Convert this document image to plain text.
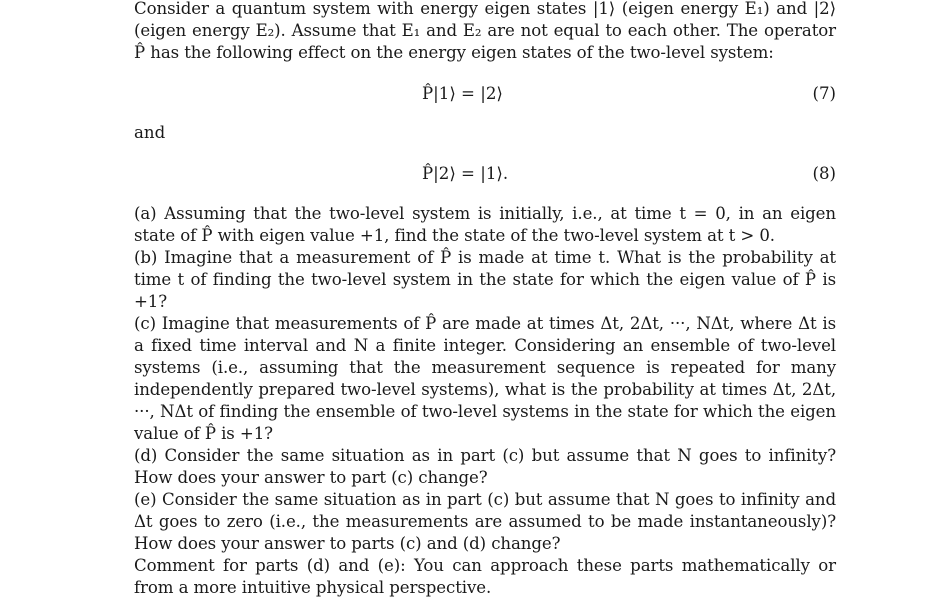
Consider a quantum system with energy eigen states |1⟩ (eigen energy E₁) and |2⟩ (eigen energy E₂). Assume that E₁ and E₂ are not equal to each other. The operator P̂ has the following effect on the energy eigen states of the two-level system:

P̂|1⟩ = |2⟩	(7)
and
P̂|2⟩ = |1⟩.	(8)

(a) Assuming that the two-level system is initially, i.e., at time t = 0, in an eigen state of P̂ with eigen value +1, find the state of the two-level system at t > 0.

(b) Imagine that a measurement of P̂ is made at time t. What is the probability at time t of finding the two-level system in the state for which the eigen value of P̂ is +1?

(c) Imagine that measurements of P̂ are made at times Δt, 2Δt, ···, NΔt, where Δt is a fixed time interval and N a finite integer. Considering an ensemble of two-level systems (i.e., assuming that the measurement sequence is repeated for many independently prepared two-level systems), what is the probability at times Δt, 2Δt, ···, NΔt of finding the ensemble of two-level systems in the state for which the eigen value of P̂ is +1?

(d) Consider the same situation as in part (c) but assume that N goes to infinity? How does your answer to part (c) change?

(e) Consider the same situation as in part (c) but assume that N goes to infinity and Δt goes to zero (i.e., the measurements are assumed to be made instantaneously)? How does your answer to parts (c) and (d) change?

Comment for parts (d) and (e): You can approach these parts mathematically or from a more intuitive physical perspective.
